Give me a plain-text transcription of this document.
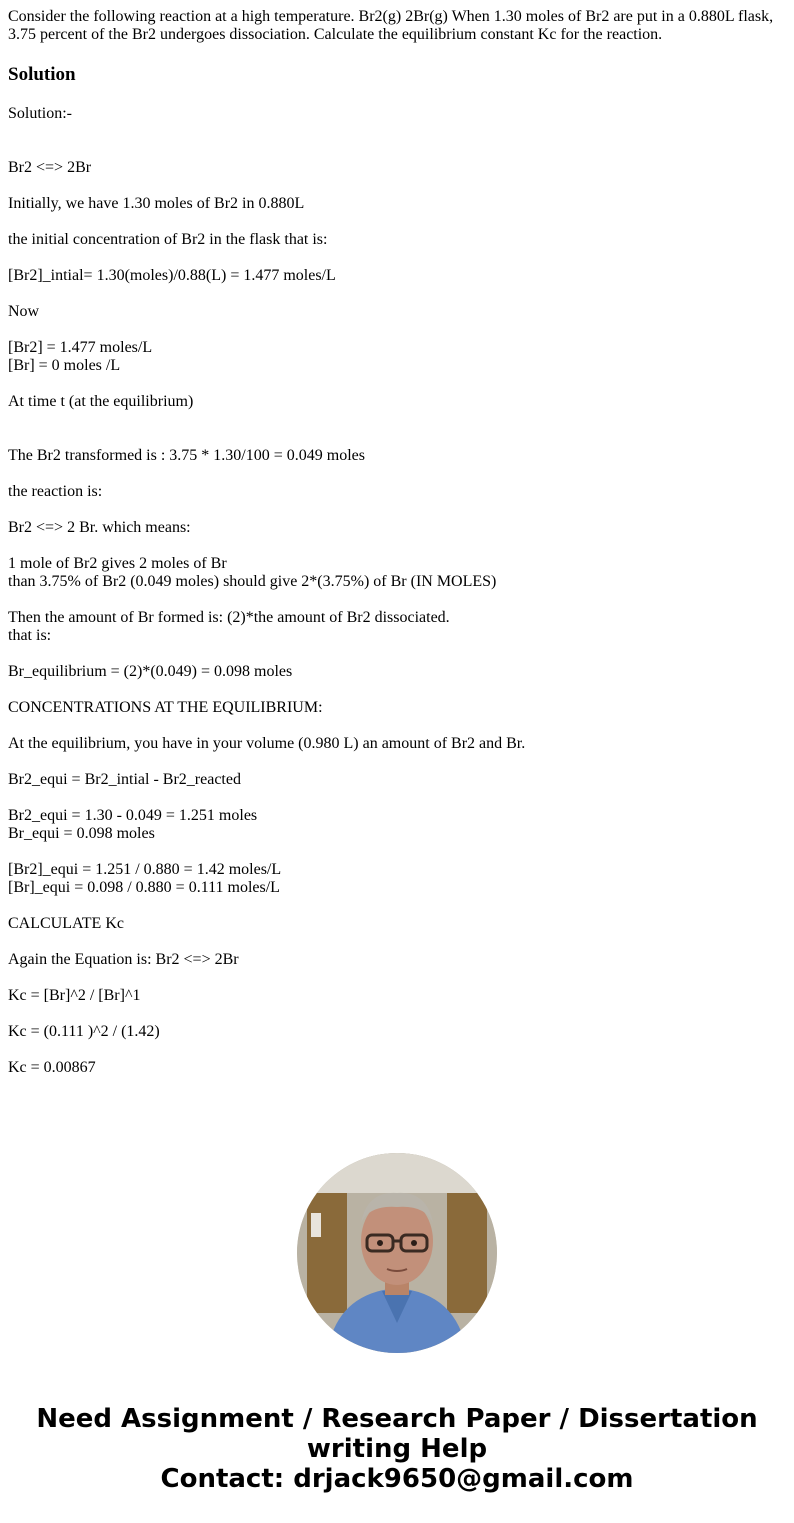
Consider the following reaction at a high temperature. Br2(g) 2Br(g) When 1.30 moles of Br2 are put in a 0.880L flask, 3.75 percent of the Br2 undergoes dissociation. Calculate the equilibrium constant Kc for the reaction.

Solution
Solution:-
Br2 <=> 2Br
Initially, we have 1.30 moles of Br2 in 0.880L
the initial concentration of Br2 in the flask that is:
[Br2]_intial= 1.30(moles)/0.88(L) = 1.477 moles/L
Now
[Br2] = 1.477 moles/L
[Br] = 0 moles /L
At time t (at the equilibrium)
The Br2 transformed is : 3.75 * 1.30/100 = 0.049 moles
the reaction is:
Br2 <=> 2 Br. which means:
1 mole of Br2 gives 2 moles of Br
than 3.75% of Br2 (0.049 moles) should give 2*(3.75%) of Br (IN MOLES)
Then the amount of Br formed is: (2)*the amount of Br2 dissociated.
that is:
Br_equilibrium = (2)*(0.049) = 0.098 moles
CONCENTRATIONS AT THE EQUILIBRIUM:
At the equilibrium, you have in your volume (0.980 L) an amount of Br2 and Br.
Br2_equi = Br2_intial - Br2_reacted
Br2_equi = 1.30 - 0.049 = 1.251 moles
Br_equi = 0.098 moles
[Br2]_equi = 1.251 / 0.880 = 1.42 moles/L
[Br]_equi = 0.098 / 0.880 = 0.111 moles/L
CALCULATE Kc
Again the Equation is: Br2 <=> 2Br
Kc = [Br]^2 / [Br]^1
Kc = (0.111 )^2 / (1.42)
Kc = 0.00867
Need Assignment / Research Paper / Dissertation
writing Help
Contact: drjack9650@gmail.com
